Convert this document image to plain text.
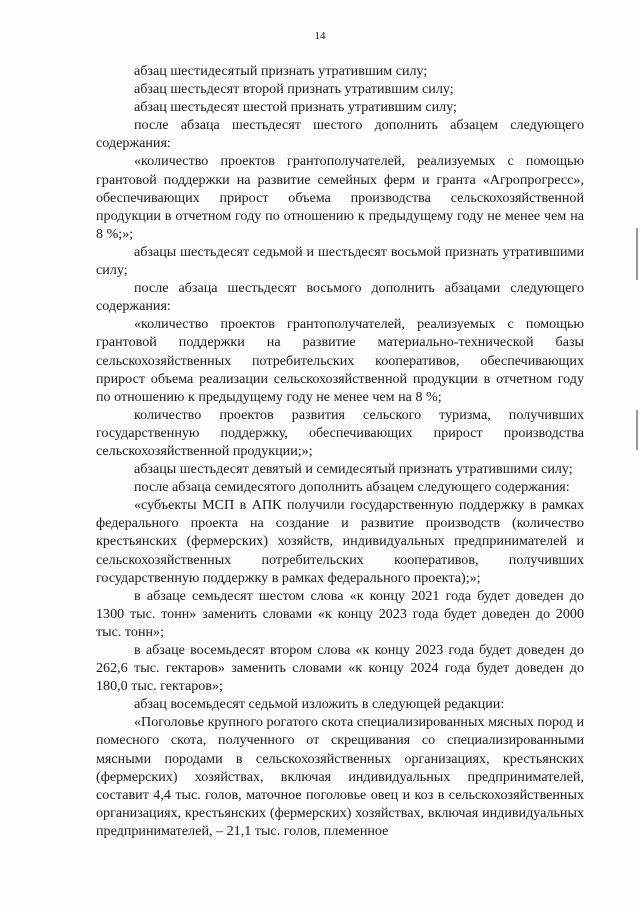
14

абзац шестидесятый признать утратившим силу;

абзац шестьдесят второй признать утратившим силу;

абзац шестьдесят шестой признать утратившим силу;

после абзаца шестьдесят шестого дополнить абзацем следующего содержания:

«количество проектов грантополучателей, реализуемых с помощью грантовой поддержки на развитие семейных ферм и гранта «Агропрогресс», обеспечивающих прирост объема производства сельскохозяйственной продукции в отчетном году по отношению к предыдущему году не менее чем на 8 %;»;

абзацы шестьдесят седьмой и шестьдесят восьмой признать утратившими силу;

после абзаца шестьдесят восьмого дополнить абзацами следующего содержания:

«количество проектов грантополучателей, реализуемых с помощью грантовой поддержки на развитие материально-технической базы сельскохозяйственных потребительских кооперативов, обеспечивающих прирост объема реализации сельскохозяйственной продукции в отчетном году по отношению к предыдущему году не менее чем на 8 %;

количество проектов развития сельского туризма, получивших государственную поддержку, обеспечивающих прирост производства сельскохозяйственной продукции;»;

абзацы шестьдесят девятый и семидесятый признать утратившими силу;

после абзаца семидесятого дополнить абзацем следующего содержания:

«субъекты МСП в АПК получили государственную поддержку в рамках федерального проекта на создание и развитие производств (количество крестьянских (фермерских) хозяйств, индивидуальных предпринимателей и сельскохозяйственных потребительских кооперативов, получивших государственную поддержку в рамках федерального проекта);»;

в абзаце семьдесят шестом слова «к концу 2021 года будет доведен до 1300 тыс. тонн» заменить словами «к концу 2023 года будет доведен до 2000 тыс. тонн»;

в абзаце восемьдесят втором слова «к концу 2023 года будет доведен до 262,6 тыс. гектаров» заменить словами «к концу 2024 года будет доведен до 180,0 тыс. гектаров»;

абзац восемьдесят седьмой изложить в следующей редакции:

«Поголовье крупного рогатого скота специализированных мясных пород и помесного скота, полученного от скрещивания со специализированными мясными породами в сельскохозяйственных организациях, крестьянских (фермерских) хозяйствах, включая индивидуальных предпринимателей, составит 4,4 тыс. голов, маточное поголовье овец и коз в сельскохозяйственных организациях, крестьянских (фермерских) хозяйствах, включая индивидуальных предпринимателей, – 21,1 тыс. голов, племенное
